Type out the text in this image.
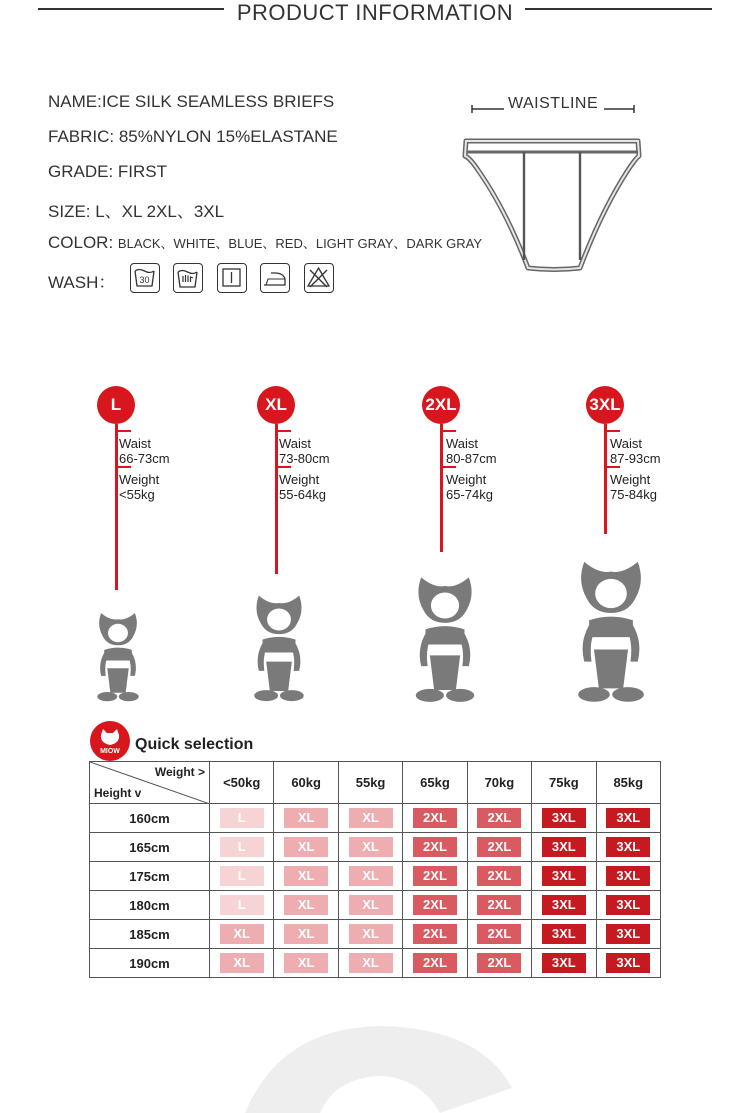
PRODUCT INFORMATION
NAME:ICE SILK SEAMLESS BRIEFS
FABRIC: 85%NYLON 15%ELASTANE
GRADE: FIRST
SIZE: L、XL 2XL、3XL
COLOR: BLACK、WHITE、BLUE、RED、LIGHT GRAY、DARK GRAY
WASH：	30
WAISTLINE
L
Waist
66-73cm
Weight
<55kg
XL
Waist
73-80cm
Weight
55-64kg
2XL
Waist
80-87cm
Weight
65-74kg
3XL
Waist
87-93cm
Weight
75-84kg
MIOW Quick selection
Weight >
Height v	<50kg	60kg	55kg	65kg	70kg	75kg	85kg
160cm	L	XL	XL	2XL	2XL	3XL	3XL
165cm	L	XL	XL	2XL	2XL	3XL	3XL
175cm	L	XL	XL	2XL	2XL	3XL	3XL
180cm	L	XL	XL	2XL	2XL	3XL	3XL
185cm	XL	XL	XL	2XL	2XL	3XL	3XL
190cm	XL	XL	XL	2XL	2XL	3XL	3XL
